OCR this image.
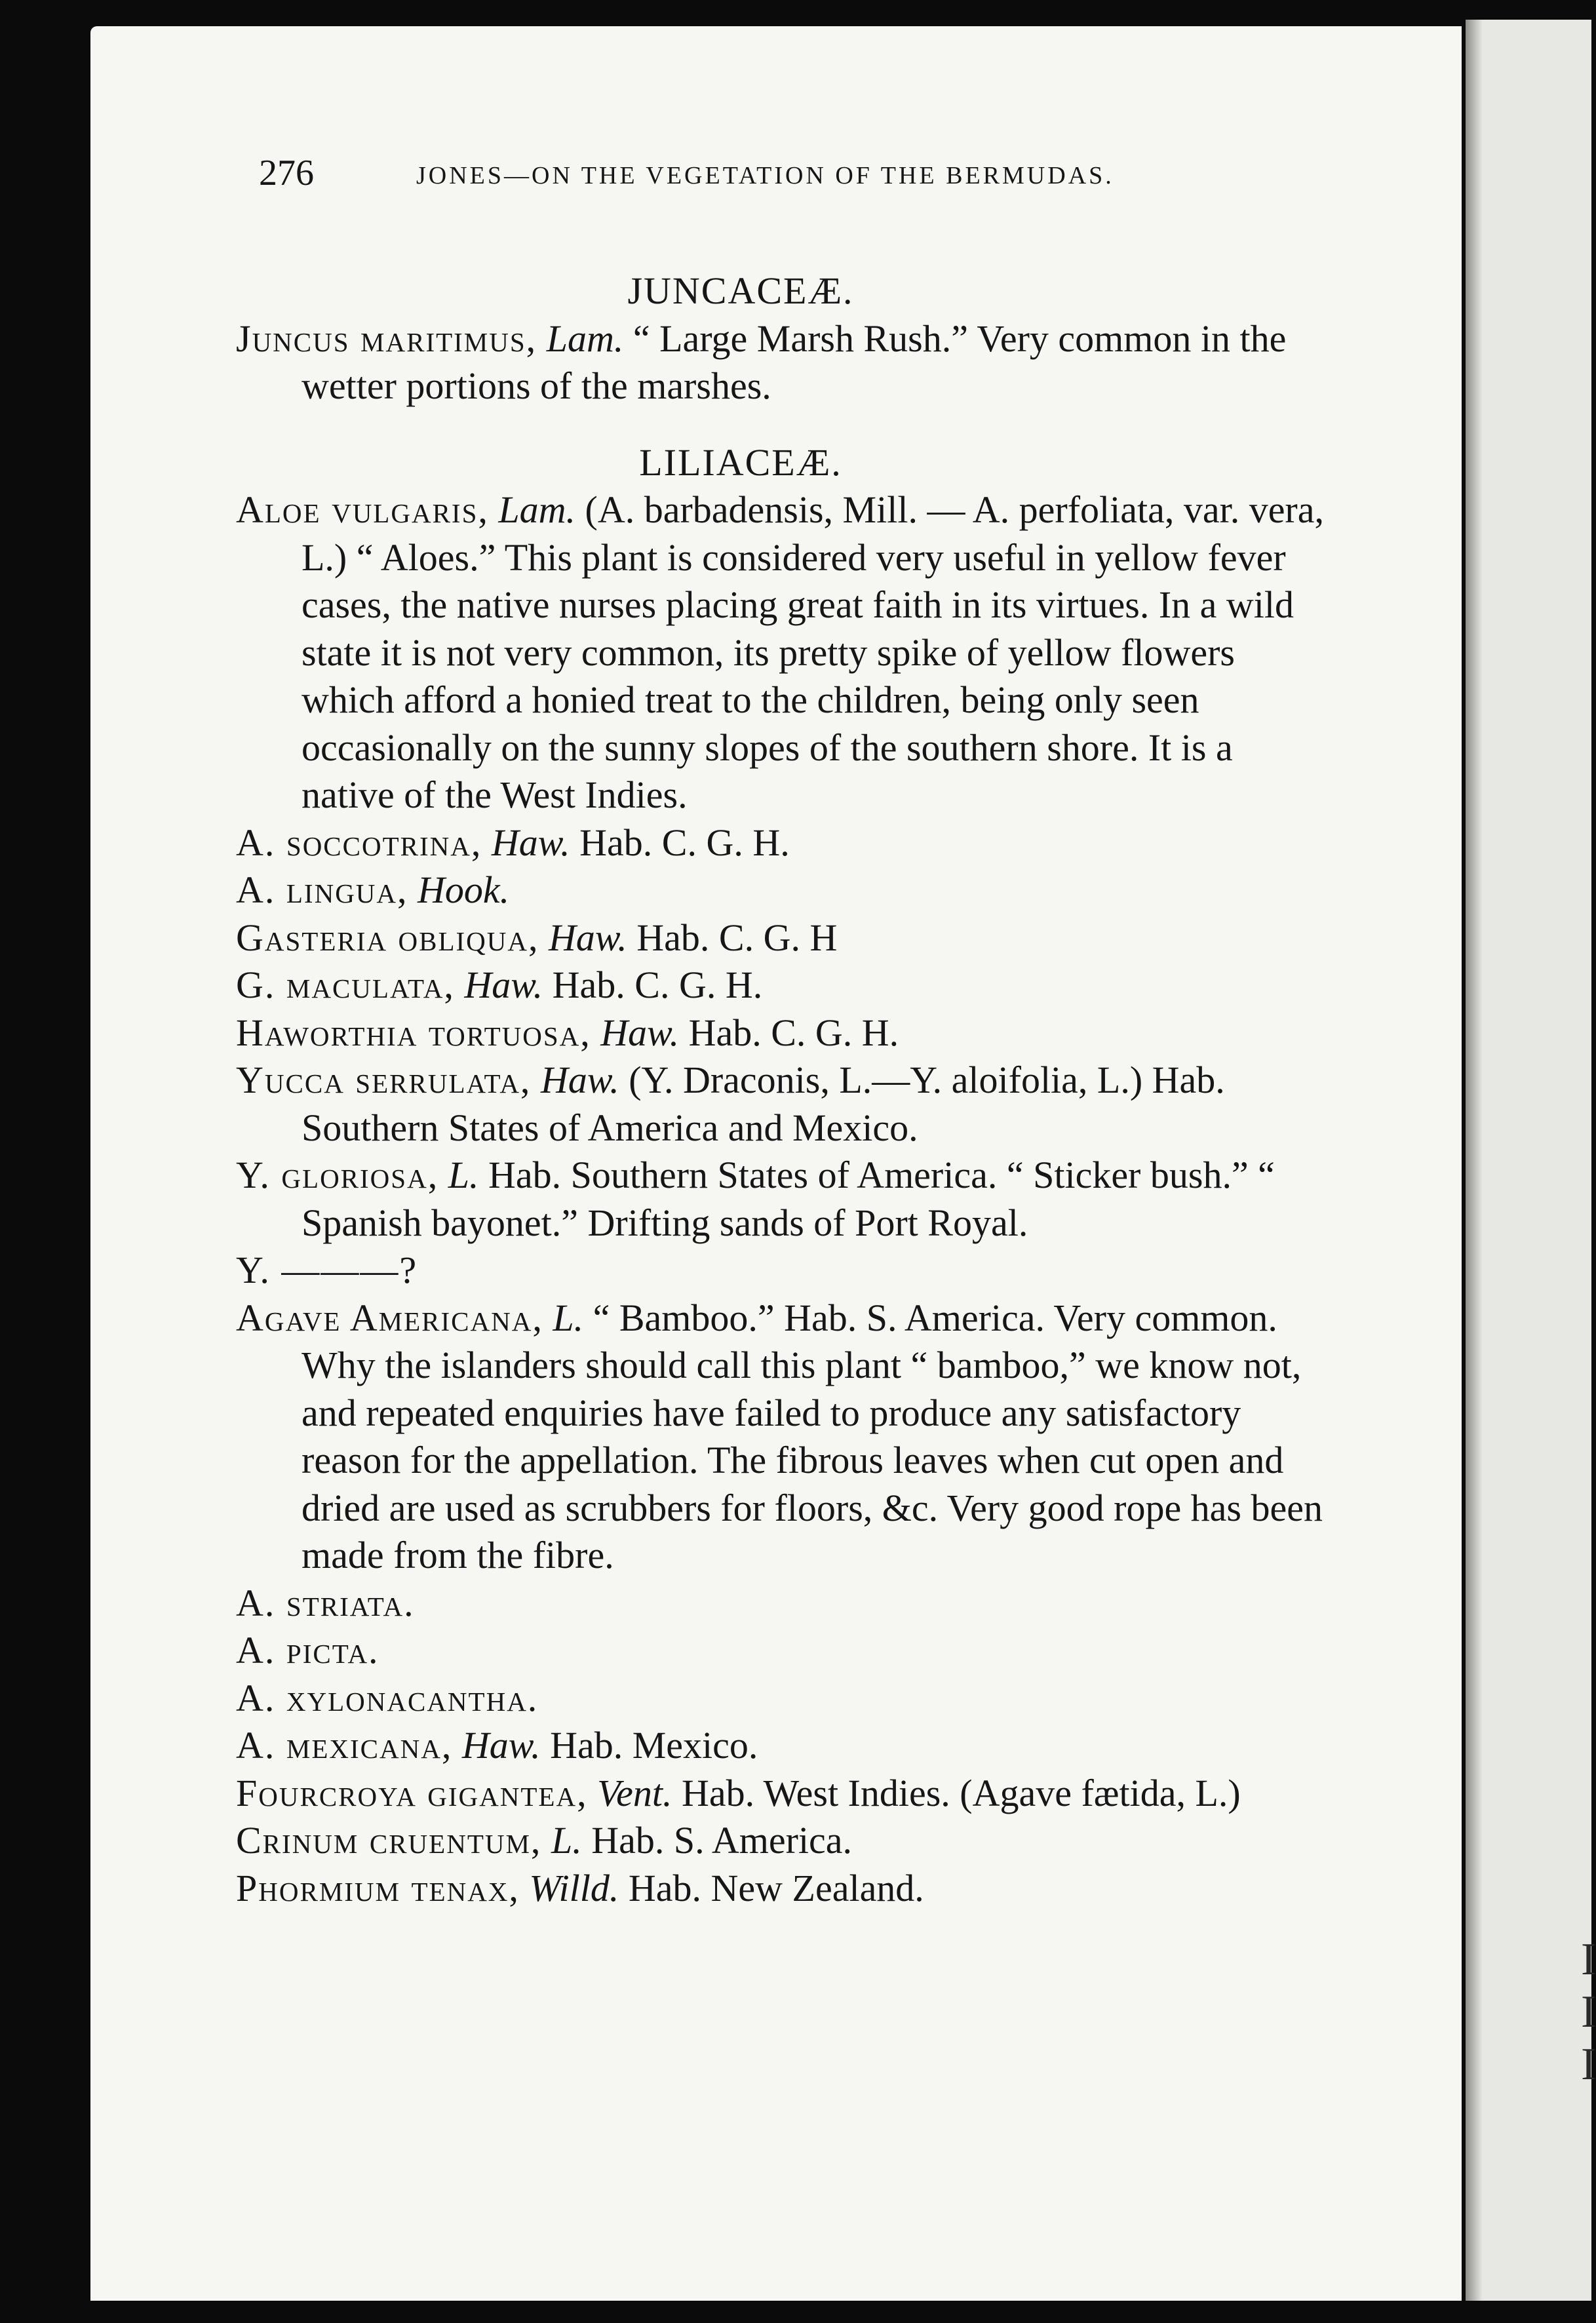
I
I
I
276	JONES—ON THE VEGETATION OF THE BERMUDAS.

JUNCACEÆ.

Juncus maritimus, Lam. “ Large Marsh Rush.” Very common in the wetter portions of the marshes.

LILIACEÆ.

Aloe vulgaris, Lam. (A. barbadensis, Mill. — A. perfoliata, var. vera, L.) “ Aloes.” This plant is considered very useful in yellow fever cases, the native nurses placing great faith in its virtues. In a wild state it is not very common, its pretty spike of yellow flowers which afford a honied treat to the children, being only seen occasionally on the sunny slopes of the southern shore. It is a native of the West Indies.

A. soccotrina, Haw. Hab. C. G. H.

A. lingua, Hook.

Gasteria obliqua, Haw. Hab. C. G. H

G. maculata, Haw. Hab. C. G. H.

Haworthia tortuosa, Haw. Hab. C. G. H.

Yucca serrulata, Haw. (Y. Draconis, L.—Y. aloifolia, L.) Hab. Southern States of America and Mexico.

Y. gloriosa, L. Hab. Southern States of America. “ Sticker bush.” “ Spanish bayonet.” Drifting sands of Port Royal.

Y. ———?

Agave Americana, L. “ Bamboo.” Hab. S. America. Very common. Why the islanders should call this plant “ bamboo,” we know not, and repeated enquiries have failed to produce any satisfactory reason for the appellation. The fibrous leaves when cut open and dried are used as scrubbers for floors, &c. Very good rope has been made from the fibre.

A. striata.

A. picta.

A. xylonacantha.

A. mexicana, Haw. Hab. Mexico.

Fourcroya gigantea, Vent. Hab. West Indies. (Agave fætida, L.)

Crinum cruentum, L. Hab. S. America.

Phormium tenax, Willd. Hab. New Zealand.
